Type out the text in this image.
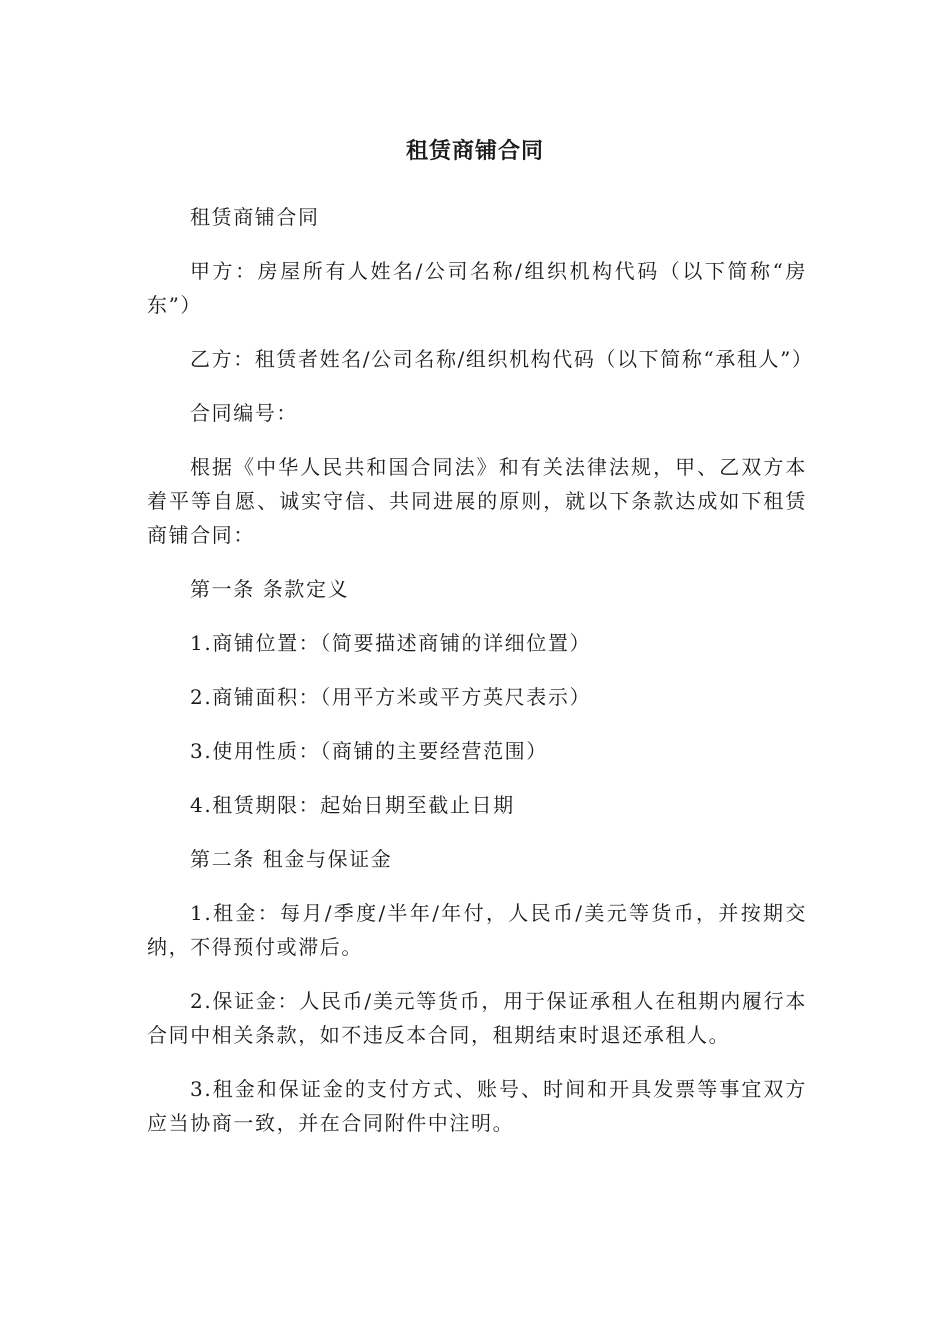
租赁商铺合同

租赁商铺合同

甲方：房屋所有人姓名/公司名称/组织机构代码（以下简称“房东”）

乙方：租赁者姓名/公司名称/组织机构代码（以下简称“承租人”）

合同编号：

根据《中华人民共和国合同法》和有关法律法规，甲、乙双方本着平等自愿、诚实守信、共同进展的原则，就以下条款达成如下租赁商铺合同：

第一条 条款定义

1.商铺位置：（简要描述商铺的详细位置）

2.商铺面积：（用平方米或平方英尺表示）

3.使用性质：（商铺的主要经营范围）

4.租赁期限：起始日期至截止日期

第二条 租金与保证金

1.租金：每月/季度/半年/年付，人民币/美元等货币，并按期交纳，不得预付或滞后。

2.保证金：人民币/美元等货币，用于保证承租人在租期内履行本合同中相关条款，如不违反本合同，租期结束时退还承租人。

3.租金和保证金的支付方式、账号、时间和开具发票等事宜双方应当协商一致，并在合同附件中注明。
